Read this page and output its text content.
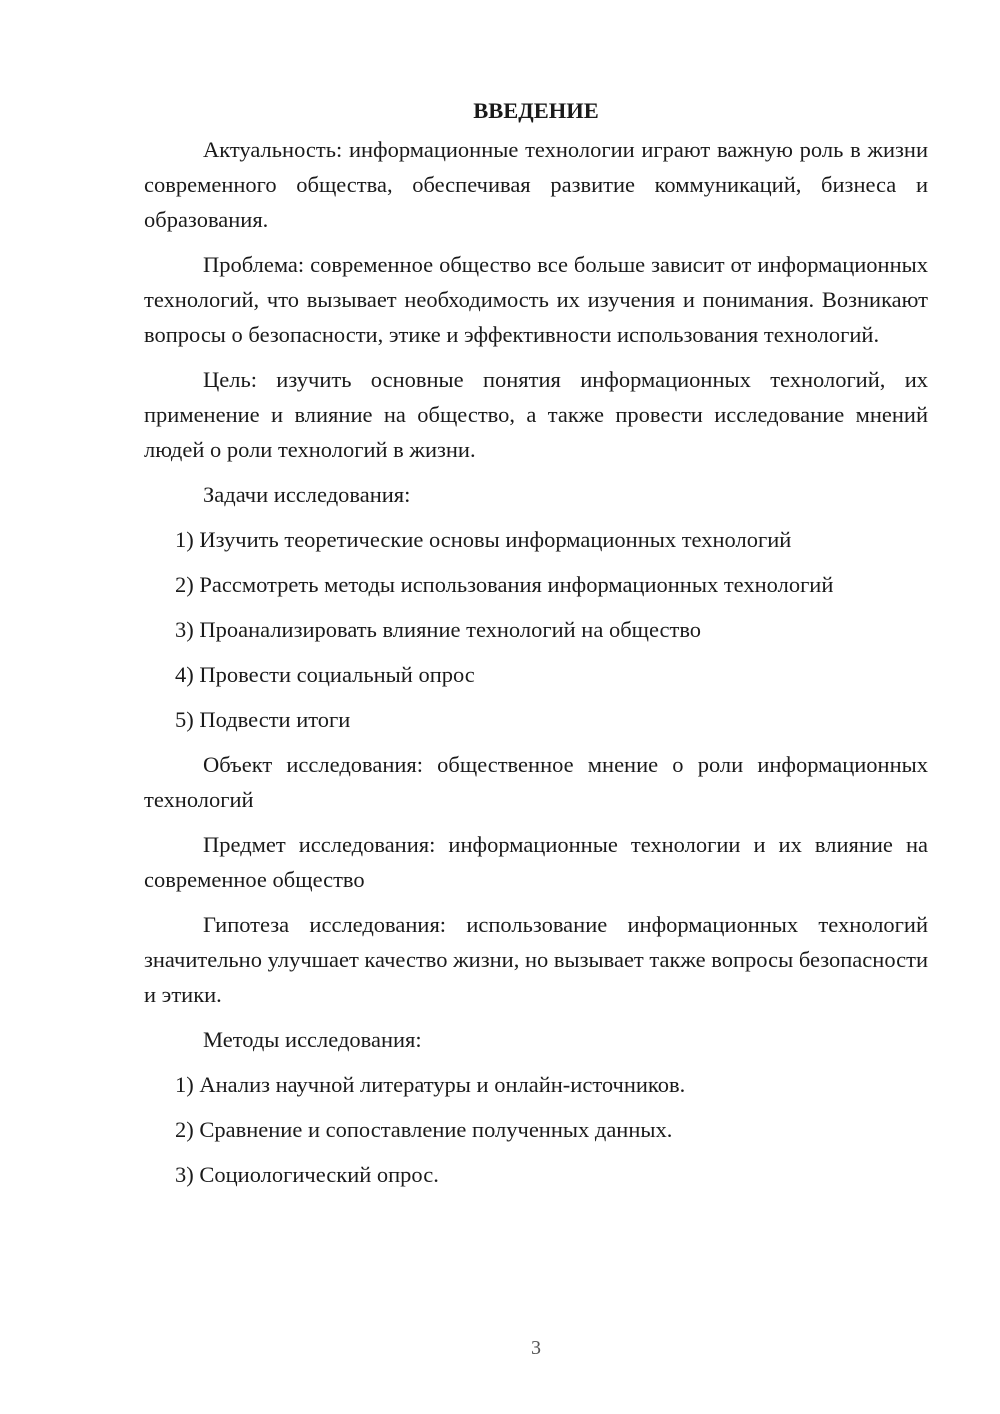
ВВЕДЕНИЕ

Актуальность: информационные технологии играют важную роль в жизни современного общества, обеспечивая развитие коммуникаций, бизнеса и образования.

Проблема: современное общество все больше зависит от информационных технологий, что вызывает необходимость их изучения и понимания. Возникают вопросы о безопасности, этике и эффективности использования технологий.

Цель: изучить основные понятия информационных технологий, их применение и влияние на общество, а также провести исследование мнений людей о роли технологий в жизни.

Задачи исследования:

1) Изучить теоретические основы информационных технологий
2) Рассмотреть методы использования информационных технологий
3) Проанализировать влияние технологий на общество
4) Провести социальный опрос
5) Подвести итоги

Объект исследования: общественное мнение о роли информационных технологий

Предмет исследования: информационные технологии и их влияние на современное общество

Гипотеза исследования: использование информационных технологий значительно улучшает качество жизни, но вызывает также вопросы безопасности и этики.

Методы исследования:

1) Анализ научной литературы и онлайн-источников.
2) Сравнение и сопоставление полученных данных.
3) Социологический опрос.
3
